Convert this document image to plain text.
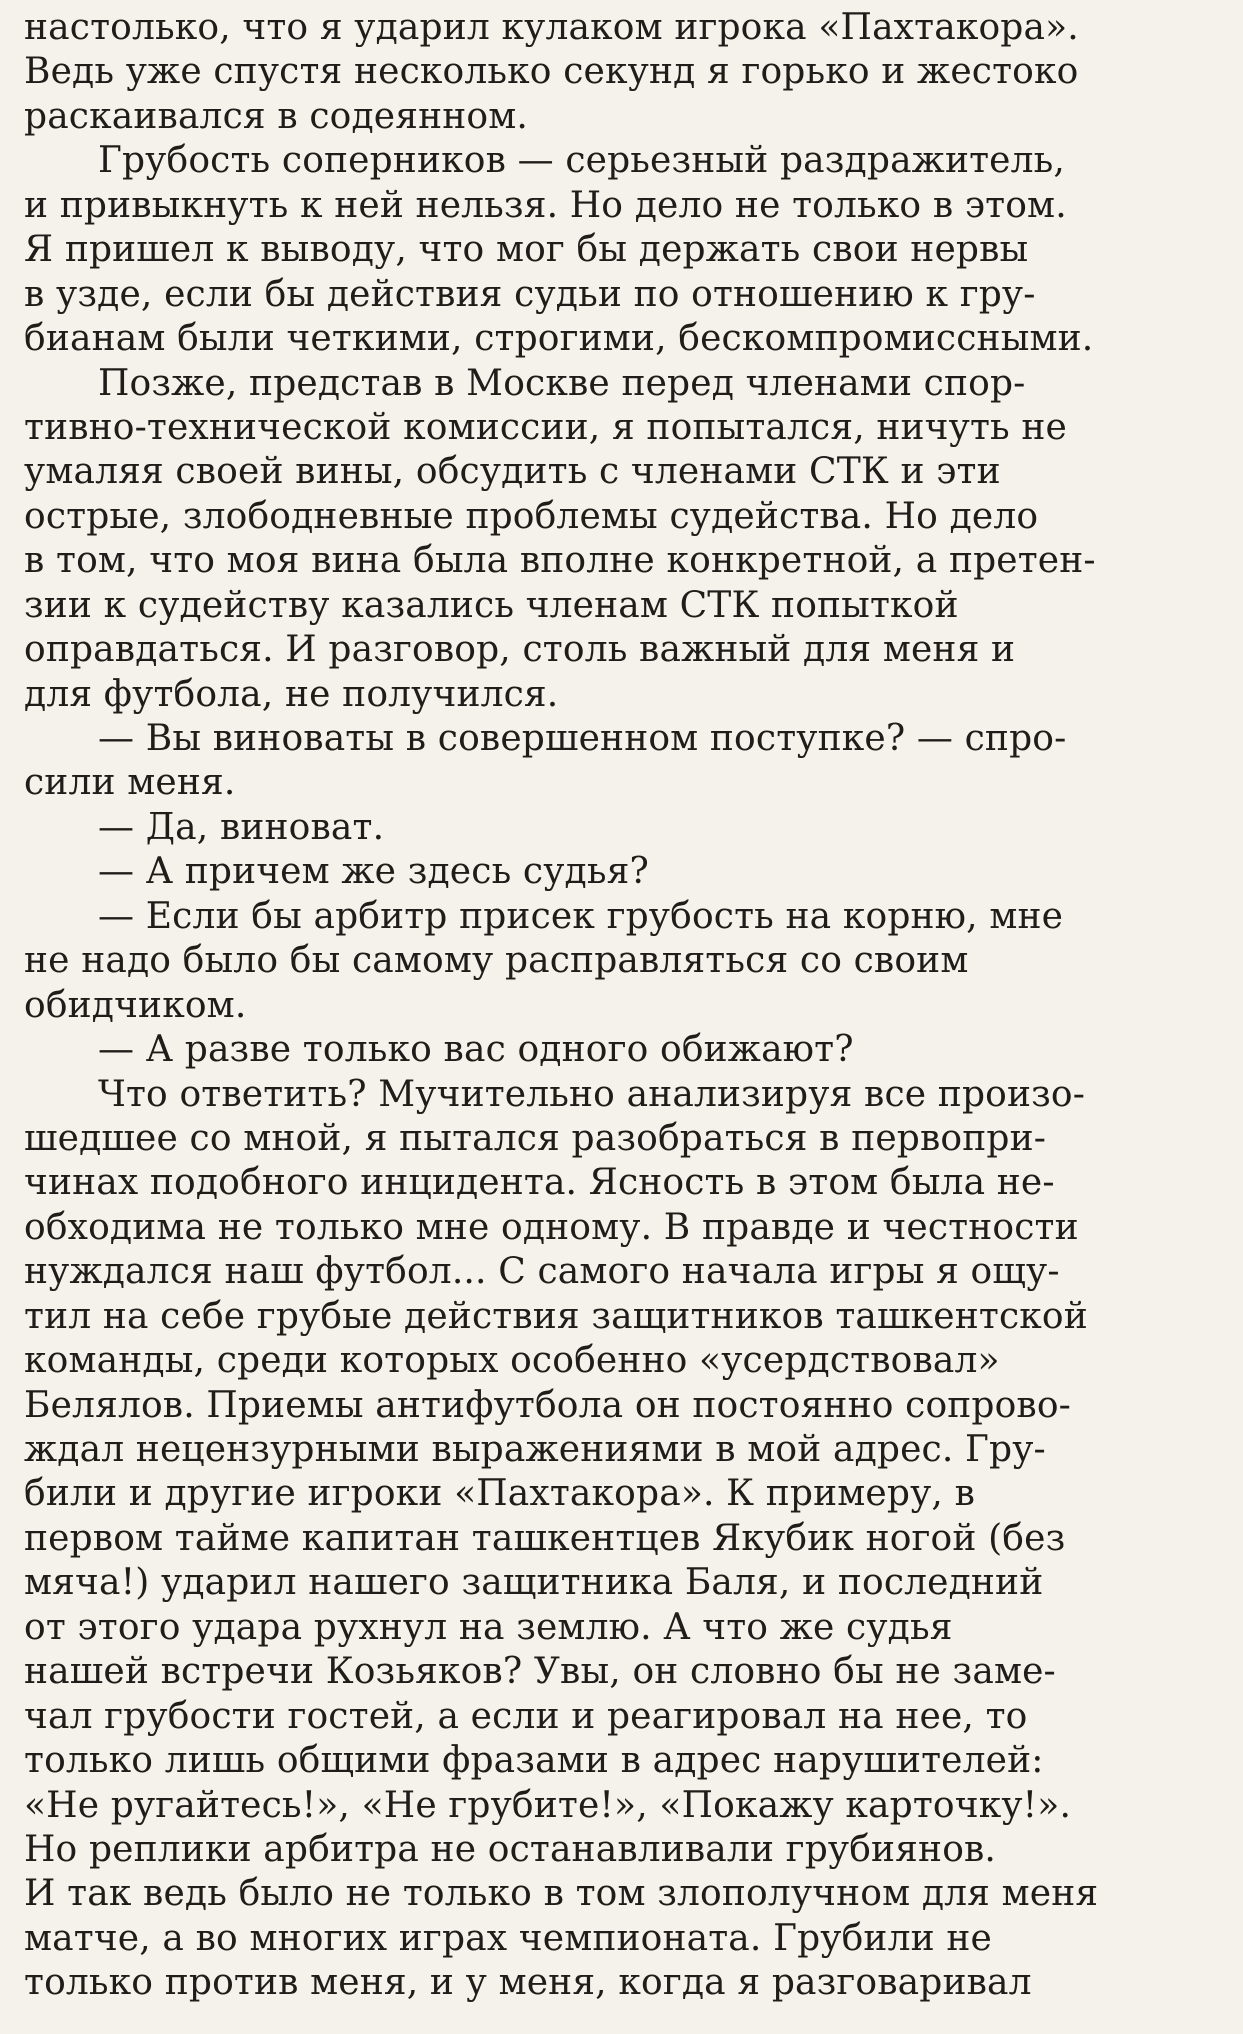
настолько, что я ударил кулаком игрока «Пахтакора».
Ведь уже спустя несколько секунд я горько и жестоко
раскаивался в содеянном.
Грубость соперников — серьезный раздражитель,
и привыкнуть к ней нельзя. Но дело не только в этом.
Я пришел к выводу, что мог бы держать свои нервы
в узде, если бы действия судьи по отношению к гру-
бианам были четкими, строгими, бескомпромиссными.
Позже, представ в Москве перед членами спор-
тивно-технической комиссии, я попытался, ничуть не
умаляя своей вины, обсудить с членами СТК и эти
острые, злободневные проблемы судейства. Но дело
в том, что моя вина была вполне конкретной, а претен-
зии к судейству казались членам СТК попыткой
оправдаться. И разговор, столь важный для меня и
для футбола, не получился.
— Вы виноваты в совершенном поступке? — спро-
сили меня.
— Да, виноват.
— А причем же здесь судья?
— Если бы арбитр присек грубость на корню, мне
не надо было бы самому расправляться со своим
обидчиком.
— А разве только вас одного обижают?
Что ответить? Мучительно анализируя все произо-
шедшее со мной, я пытался разобраться в первопри-
чинах подобного инцидента. Ясность в этом была не-
обходима не только мне одному. В правде и честности
нуждался наш футбол... С самого начала игры я ощу-
тил на себе грубые действия защитников ташкентской
команды, среди которых особенно «усердствовал»
Белялов. Приемы антифутбола он постоянно сопрово-
ждал нецензурными выражениями в мой адрес. Гру-
били и другие игроки «Пахтакора». К примеру, в
первом тайме капитан ташкентцев Якубик ногой (без
мяча!) ударил нашего защитника Баля, и последний
от этого удара рухнул на землю. А что же судья
нашей встречи Козьяков? Увы, он словно бы не заме-
чал грубости гостей, а если и реагировал на нее, то
только лишь общими фразами в адрес нарушителей:
«Не ругайтесь!», «Не грубите!», «Покажу карточку!».
Но реплики арбитра не останавливали грубиянов.
И так ведь было не только в том злополучном для меня
матче, а во многих играх чемпионата. Грубили не
только против меня, и у меня, когда я разговаривал
